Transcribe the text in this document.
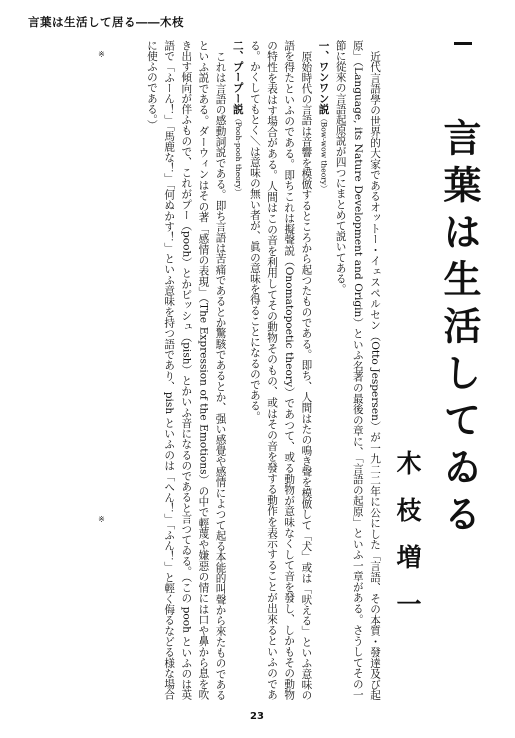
言葉は生活して居る――木枝
言葉は生活してゐる
木枝増一

近代言語學の世界的大家であるオットー・イェスペルセン（Otto Jespersen）が一九二二年に公にした「言語、その本質・發達及び起原」（Language, its Nature Development and Origin）といふ名著の最後の章に、「言語の起原」といふ一章がある。さうしてその一節に從來の言語起原説が四つにまとめて説いてある。

一、ワンワン説（Bow-wow theory）

原始時代の言語は音響を模倣するところから起つたものである。即ち、人間はたの鳴き聲を模倣して「犬」或は「吠える」といふ意味の語を得たといふのである。即ちこれは擬聲説（Onomatopoetic theory）であつて、或る動物が意味なくして音を發し、しかもその動物の特性を表はす場合がある。人間はこの音を利用してその動物そのもの、或はその音を發する動作を表示することが出來るといふのである。かくしてもとく＼は意味の無い者が、眞の意味を得ることになるのである。

二、プープー説（Pooh-pooh theory）

これは言語の感動詞説である。即ち言語は苦痛であるとか驚駭であるとか、强い感覺や感情によつて起る本能的叫聲から來たものであるといふ説である。ダーウィンはその著「感情の表現」（The Expression of the Emotions）の中で輕蔑や嫌惡の情には口や鼻から息を吹き出す傾向が伴ふもので、これがプー（pooh）とかピッシュ（pish）とかいふ音になるのであると言つてゐる。（この pooh といふのは英語で「ふーん！」「馬鹿な！」「何ぬかす！」といふ意味を持つ語であり、pish といふのは「へん！」「ふん！」と輕く侮るなどる様な場合に使ふのである。）

※
※
23
